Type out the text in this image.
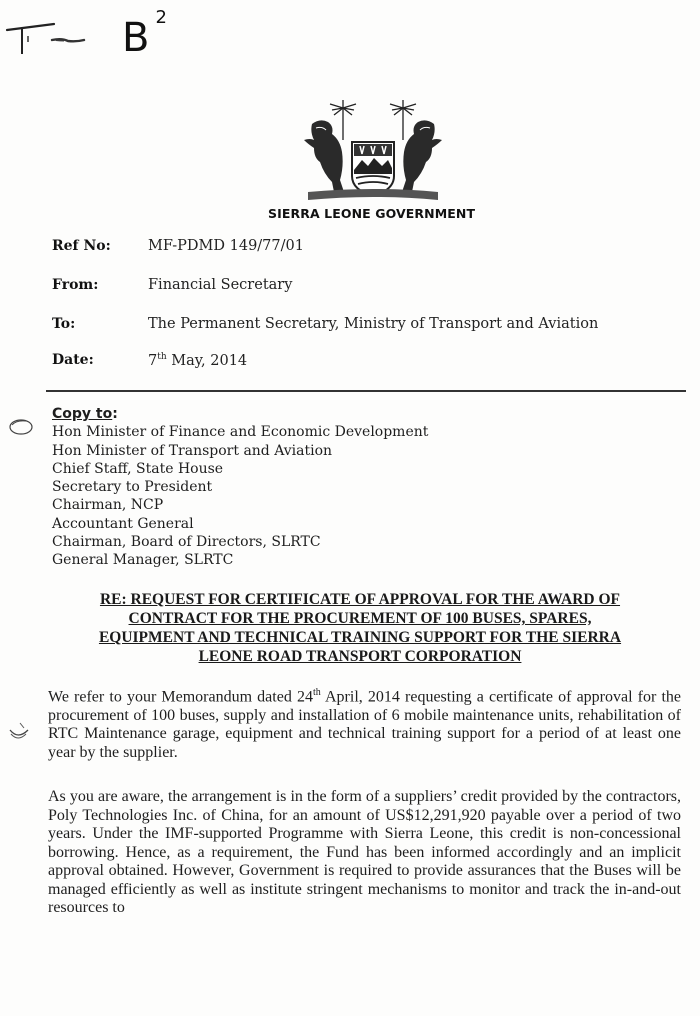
T-
B $^2$
SIERRA LEONE GOVERNMENT
Ref No:	MF-PDMD 149/77/01
From:	Financial Secretary
To:	The Permanent Secretary, Ministry of Transport and Aviation
Date:	7th May, 2014
Copy to:
Hon Minister of Finance and Economic Development
Hon Minister of Transport and Aviation
Chief Staff, State House
Secretary to President
Chairman, NCP
Accountant General
Chairman, Board of Directors, SLRTC
General Manager, SLRTC
RE: REQUEST FOR CERTIFICATE OF APPROVAL FOR THE AWARD OF
CONTRACT FOR THE PROCUREMENT OF 100 BUSES, SPARES,
EQUIPMENT AND TECHNICAL TRAINING SUPPORT FOR THE SIERRA
LEONE ROAD TRANSPORT CORPORATION
We refer to your Memorandum dated 24th April, 2014 requesting a certificate of approval for the procurement of 100 buses, supply and installation of 6 mobile maintenance units, rehabilitation of RTC Maintenance garage, equipment and technical training support for a period of at least one year by the supplier.
As you are aware, the arrangement is in the form of a suppliers’ credit provided by the contractors, Poly Technologies Inc. of China, for an amount of US$12,291,920 payable over a period of two years. Under the IMF-supported Programme with Sierra Leone, this credit is non-concessional borrowing. Hence, as a requirement, the Fund has been informed accordingly and an implicit approval obtained. However, Government is required to provide assurances that the Buses will be managed efficiently as well as institute stringent mechanisms to monitor and track the in-and-out resources to
